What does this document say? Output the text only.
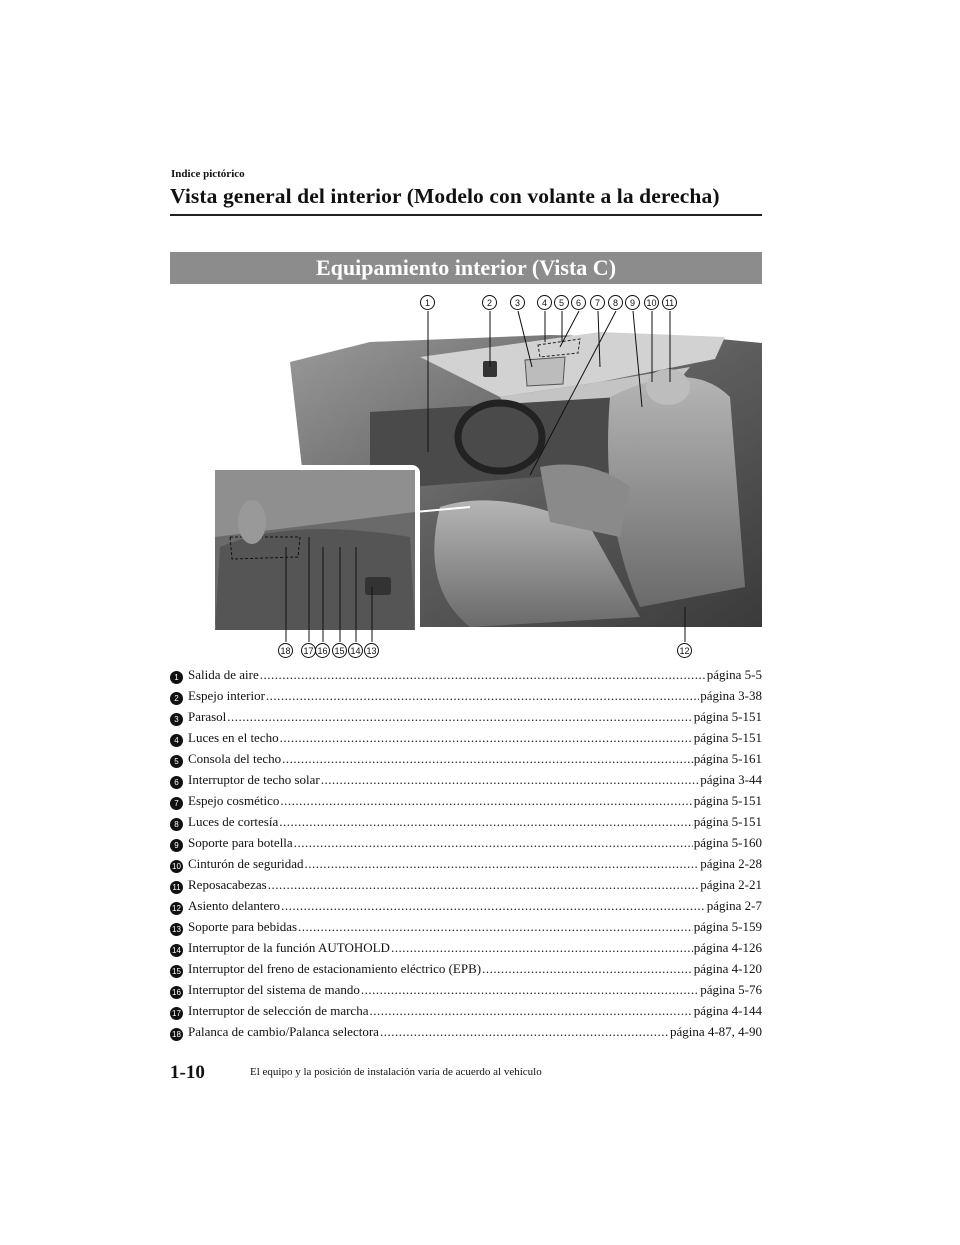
Indice pictórico
Vista general del interior (Modelo con volante a la derecha)
Equipamiento interior (Vista C)
1	2	3	4	5	6	7	8	9	10 11
12
13
14
15
16
17
18
1 Salida de aire .....	página 5-5
2 Espejo interior .....	página 3-38
3 Parasol .....	página 5-151
4 Luces en el techo .....	página 5-151
5 Consola del techo .....	página 5-161
6 Interruptor de techo solar .....	página 3-44
7 Espejo cosmético .....	página 5-151
8 Luces de cortesía .....	página 5-151
9 Soporte para botella .....	página 5-160
10 Cinturón de seguridad .....	página 2-28
11 Reposacabezas .....	página 2-21
12 Asiento delantero .....	página 2-7
13 Soporte para bebidas .....	página 5-159
14 Interruptor de la función AUTOHOLD .....	página 4-126
15 Interruptor del freno de estacionamiento eléctrico (EPB) .....	página 4-120
16 Interruptor del sistema de mando .....	página 5-76
17 Interruptor de selección de marcha .....	página 4-144
18 Palanca de cambio/Palanca selectora .....	página 4-87, 4-90
1-10	El equipo y la posición de instalación varía de acuerdo al vehículo
